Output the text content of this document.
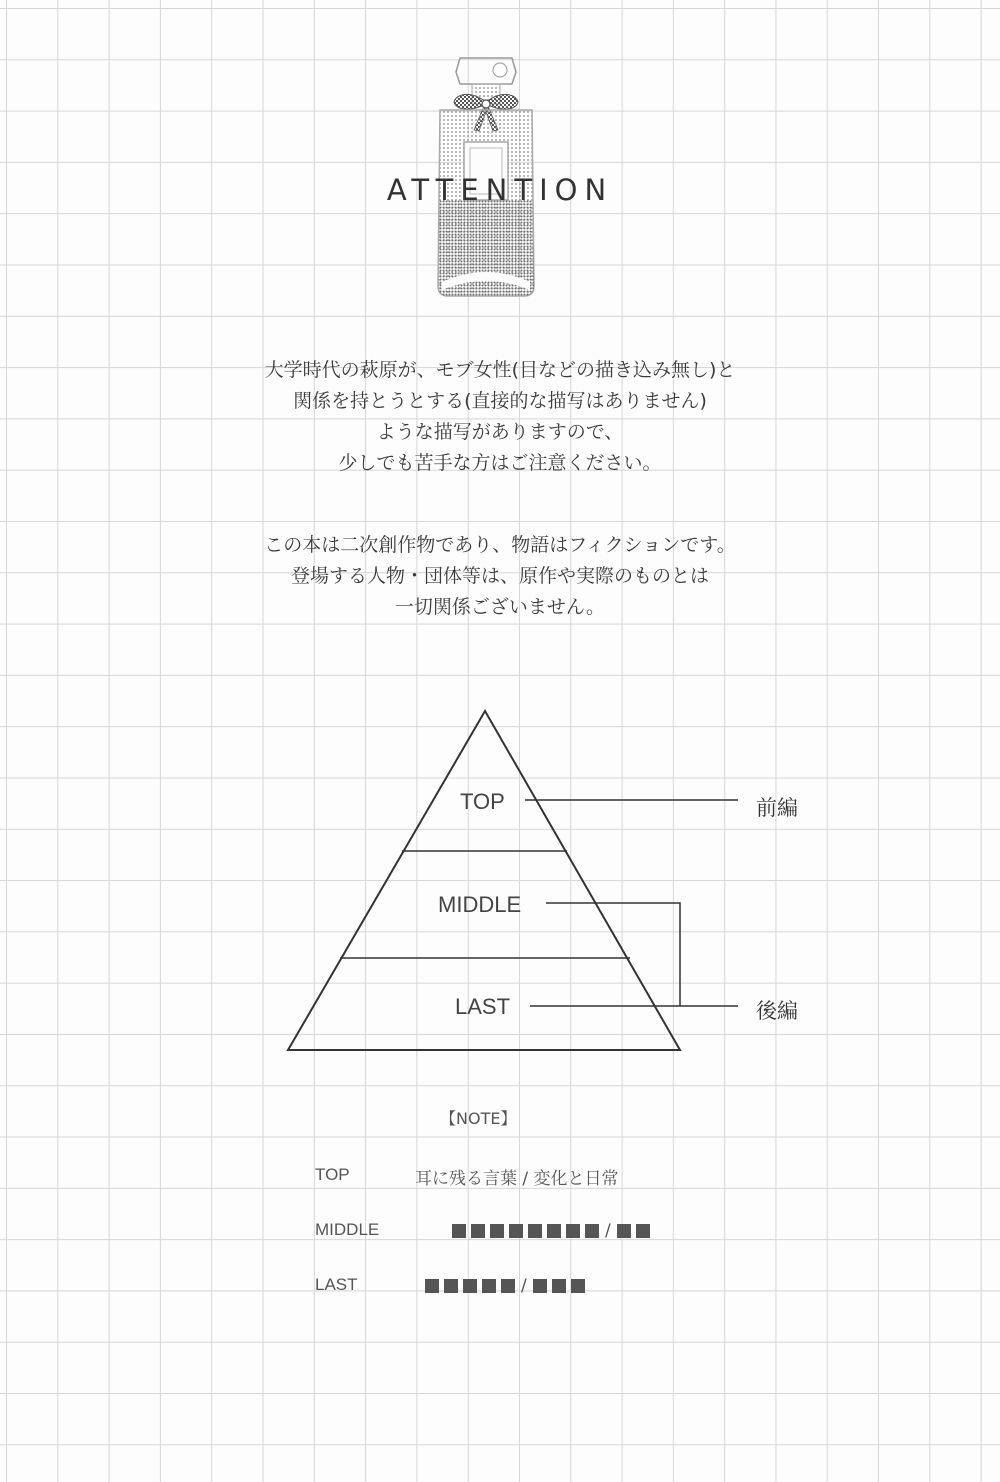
ATTENTION
大学時代の萩原が、モブ女性(目などの描き込み無し)と
関係を持とうとする(直接的な描写はありません)
ような描写がありますので、
少しでも苦手な方はご注意ください。
この本は二次創作物であり、物語はフィクションです。
登場する人物・団体等は、原作や実際のものとは
一切関係ございません。
TOP
MIDDLE
LAST
前編
後編
【NOTE】
TOP	耳に残る言葉 / 変化と日常
MIDDLE	/
LAST	/
